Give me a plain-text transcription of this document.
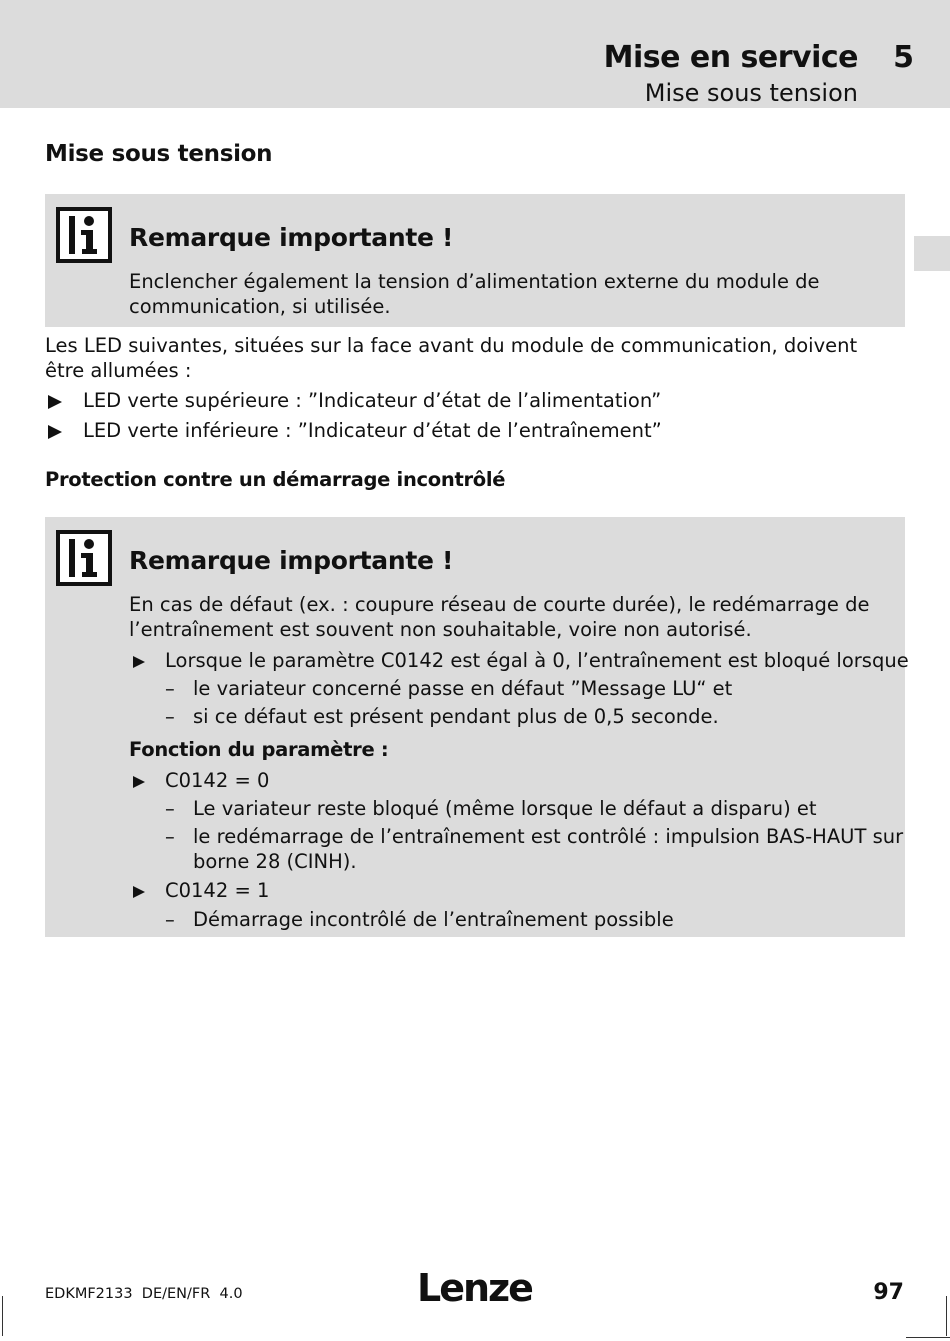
Mise en service 5
Mise sous tension
Mise sous tension
Remarque importante !
Enclencher également la tension d’alimentation externe du module de communication, si utilisée.
Les LED suivantes, situées sur la face avant du module de communication, doivent être allumées :
LED verte supérieure : ”Indicateur d’état de l’alimentation”
LED verte inférieure : ”Indicateur d’état de l’entraînement”
Protection contre un démarrage incontrôlé
Remarque importante !
En cas de défaut (ex. : coupure réseau de courte durée), le redémarrage de l’entraînement est souvent non souhaitable, voire non autorisé.
Lorsque le paramètre C0142 est égal à 0, l’entraînement est bloqué lorsque
– le variateur concerné passe en défaut ”Message LU“ et
– si ce défaut est présent pendant plus de 0,5 seconde.
Fonction du paramètre :
C0142 = 0
– Le variateur reste bloqué (même lorsque le défaut a disparu) et
– le redémarrage de l’entraînement est contrôlé : impulsion BAS-HAUT sur
borne 28 (CINH).
C0142 = 1
– Démarrage incontrôlé de l’entraînement possible
EDKMF2133  DE/EN/FR  4.0	Lenze	97
